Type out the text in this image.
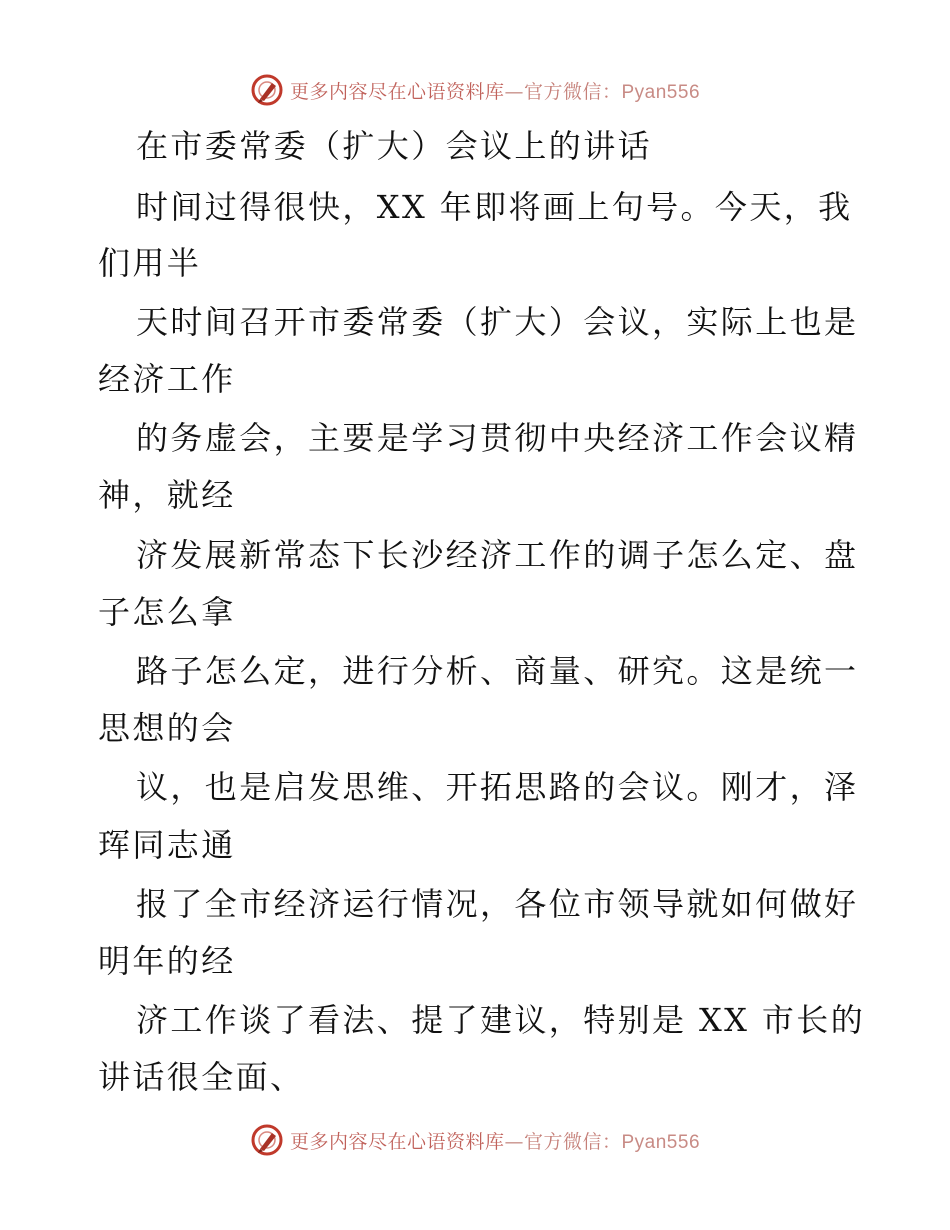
更多内容尽在心语资料库—官方微信：Pyan556
在市委常委（扩大）会议上的讲话
时间过得很快，XX 年即将画上句号。今天，我
们用半
天时间召开市委常委（扩大）会议，实际上也是
经济工作
的务虚会，主要是学习贯彻中央经济工作会议精
神，就经
济发展新常态下长沙经济工作的调子怎么定、盘
子怎么拿
路子怎么定，进行分析、商量、研究。这是统一
思想的会
议，也是启发思维、开拓思路的会议。刚才，泽
珲同志通
报了全市经济运行情况，各位市领导就如何做好
明年的经
济工作谈了看法、提了建议，特别是 XX 市长的
讲话很全面、
更多内容尽在心语资料库—官方微信：Pyan556
